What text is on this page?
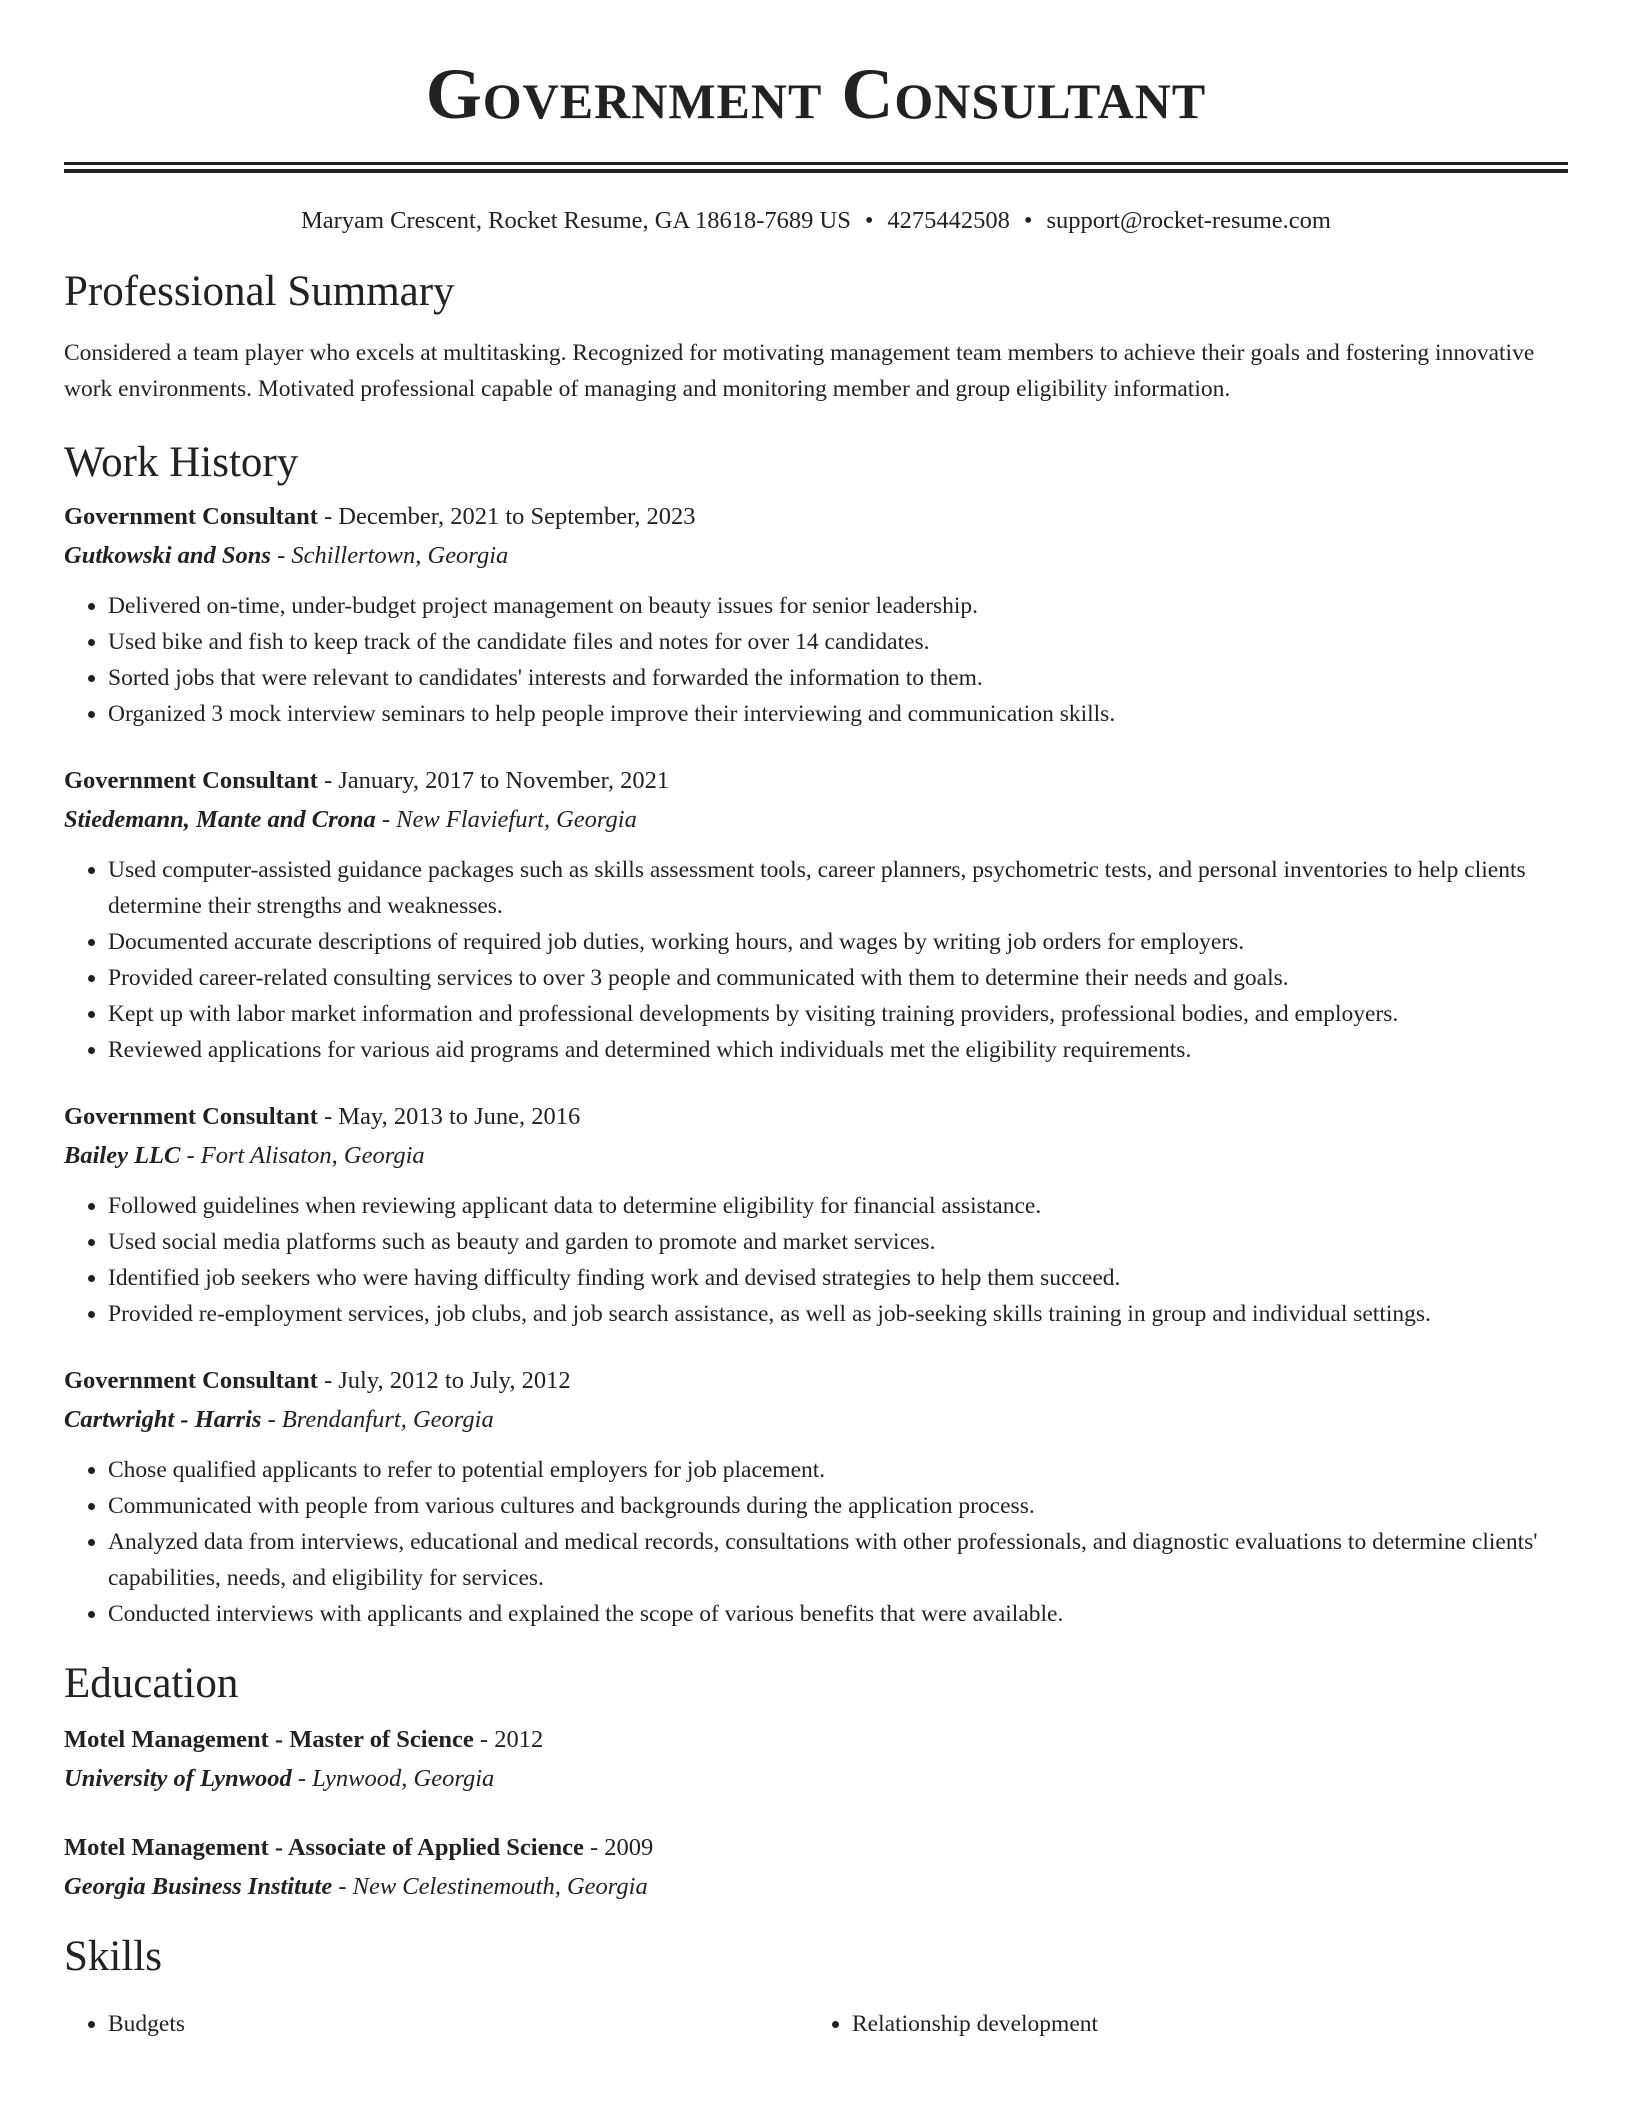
Government Consultant
Maryam Crescent, Rocket Resume, GA 18618-7689 US • 4275442508 • support@rocket-resume.com
Professional Summary

Considered a team player who excels at multitasking. Recognized for motivating management team members to achieve their goals and fostering innovative work environments. Motivated professional capable of managing and monitoring member and group eligibility information.

Work History
Government Consultant - December, 2021 to September, 2023
Gutkowski and Sons - Schillertown, Georgia
• Delivered on-time, under-budget project management on beauty issues for senior leadership.
• Used bike and fish to keep track of the candidate files and notes for over 14 candidates.
• Sorted jobs that were relevant to candidates' interests and forwarded the information to them.
• Organized 3 mock interview seminars to help people improve their interviewing and communication skills.
Government Consultant - January, 2017 to November, 2021
Stiedemann, Mante and Crona - New Flaviefurt, Georgia
• Used computer-assisted guidance packages such as skills assessment tools, career planners, psychometric tests, and personal inventories to help clients determine their strengths and weaknesses.
• Documented accurate descriptions of required job duties, working hours, and wages by writing job orders for employers.
• Provided career-related consulting services to over 3 people and communicated with them to determine their needs and goals.
• Kept up with labor market information and professional developments by visiting training providers, professional bodies, and employers.
• Reviewed applications for various aid programs and determined which individuals met the eligibility requirements.
Government Consultant - May, 2013 to June, 2016
Bailey LLC - Fort Alisaton, Georgia
• Followed guidelines when reviewing applicant data to determine eligibility for financial assistance.
• Used social media platforms such as beauty and garden to promote and market services.
• Identified job seekers who were having difficulty finding work and devised strategies to help them succeed.
• Provided re-employment services, job clubs, and job search assistance, as well as job-seeking skills training in group and individual settings.
Government Consultant - July, 2012 to July, 2012
Cartwright - Harris - Brendanfurt, Georgia
• Chose qualified applicants to refer to potential employers for job placement.
• Communicated with people from various cultures and backgrounds during the application process.
• Analyzed data from interviews, educational and medical records, consultations with other professionals, and diagnostic evaluations to determine clients' capabilities, needs, and eligibility for services.
• Conducted interviews with applicants and explained the scope of various benefits that were available.
Education
Motel Management - Master of Science - 2012
University of Lynwood - Lynwood, Georgia
Motel Management - Associate of Applied Science - 2009
Georgia Business Institute - New Celestinemouth, Georgia
Skills
• Budgets
•	Relationship development
